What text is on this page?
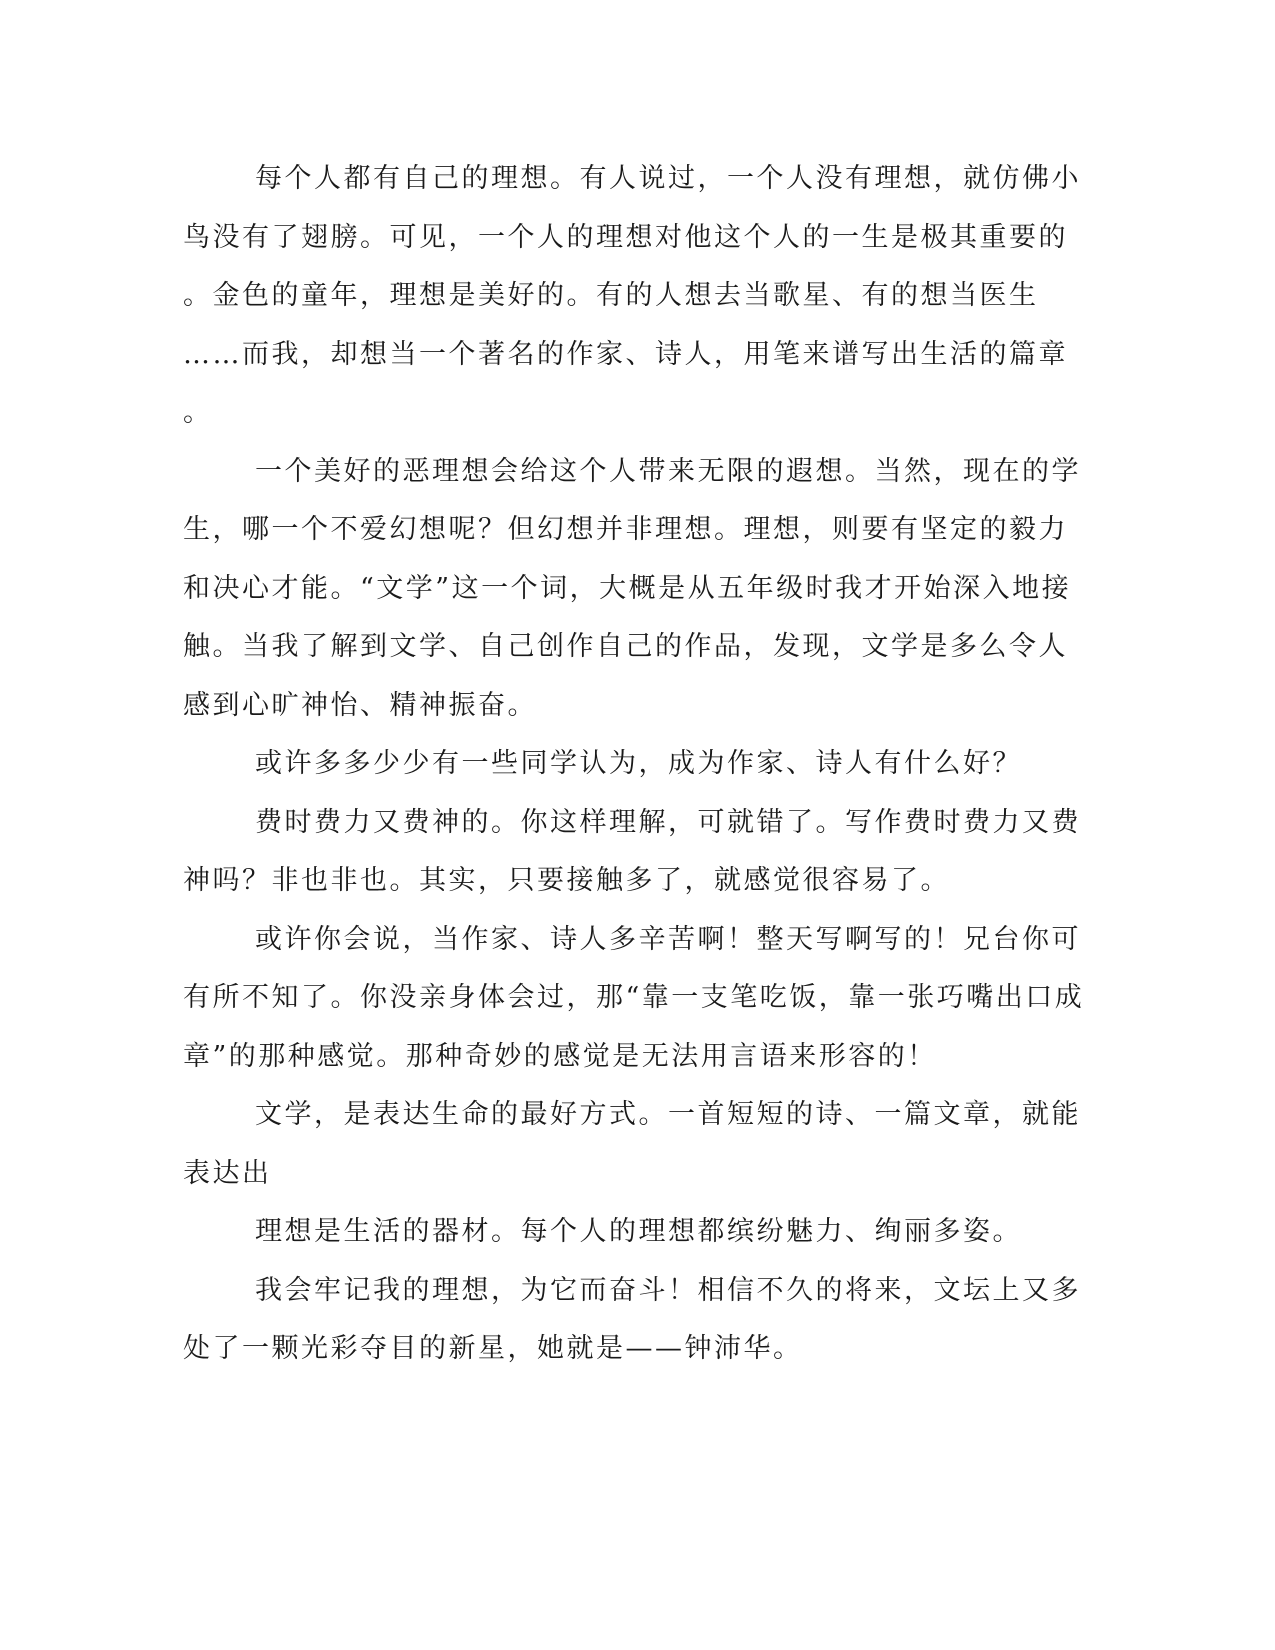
每个人都有自己的理想。有人说过，一个人没有理想，就仿佛小
鸟没有了翅膀。可见，一个人的理想对他这个人的一生是极其重要的
。金色的童年，理想是美好的。有的人想去当歌星、有的想当医生
……而我，却想当一个著名的作家、诗人，用笔来谱写出生活的篇章
。
一个美好的恶理想会给这个人带来无限的遐想。当然，现在的学
生，哪一个不爱幻想呢？但幻想并非理想。理想，则要有坚定的毅力
和决心才能。“文学”这一个词，大概是从五年级时我才开始深入地接
触。当我了解到文学、自己创作自己的作品，发现，文学是多么令人
感到心旷神怡、精神振奋。
或许多多少少有一些同学认为，成为作家、诗人有什么好？
费时费力又费神的。你这样理解，可就错了。写作费时费力又费
神吗？非也非也。其实，只要接触多了，就感觉很容易了。
或许你会说，当作家、诗人多辛苦啊！整天写啊写的！兄台你可
有所不知了。你没亲身体会过，那“靠一支笔吃饭，靠一张巧嘴出口成
章”的那种感觉。那种奇妙的感觉是无法用言语来形容的！
文学，是表达生命的最好方式。一首短短的诗、一篇文章，就能
表达出
理想是生活的器材。每个人的理想都缤纷魅力、绚丽多姿。
我会牢记我的理想，为它而奋斗！相信不久的将来，文坛上又多
处了一颗光彩夺目的新星，她就是——钟沛华。
